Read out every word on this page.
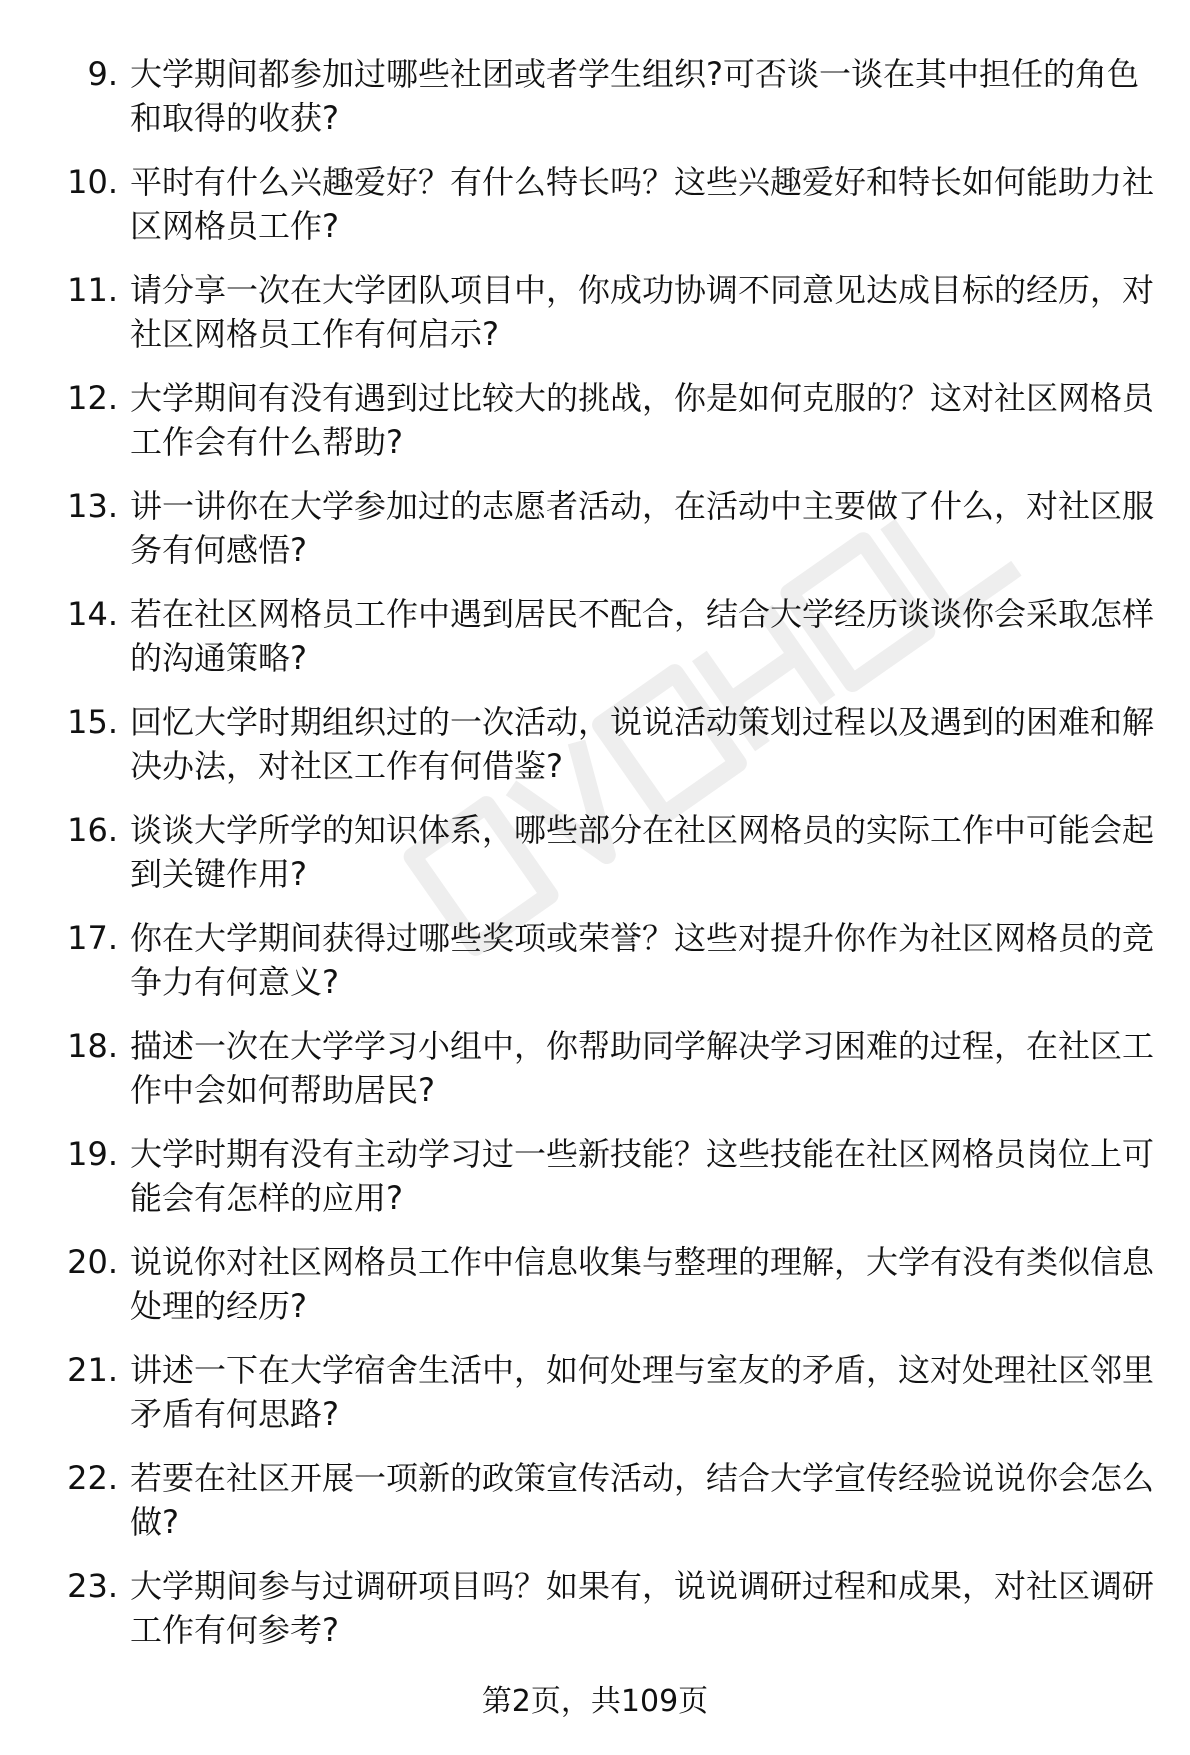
9. 大学期间都参加过哪些社团或者学生组织?可否谈一谈在其中担任的角色和取得的收获?
10. 平时有什么兴趣爱好？有什么特长吗？这些兴趣爱好和特长如何能助力社区网格员工作?
11. 请分享一次在大学团队项目中，你成功协调不同意见达成目标的经历，对社区网格员工作有何启示?
12. 大学期间有没有遇到过比较大的挑战，你是如何克服的？这对社区网格员工作会有什么帮助?
13. 讲一讲你在大学参加过的志愿者活动，在活动中主要做了什么，对社区服务有何感悟?
14. 若在社区网格员工作中遇到居民不配合，结合大学经历谈谈你会采取怎样的沟通策略?
15. 回忆大学时期组织过的一次活动，说说活动策划过程以及遇到的困难和解决办法，对社区工作有何借鉴?
16. 谈谈大学所学的知识体系，哪些部分在社区网格员的实际工作中可能会起到关键作用?
17. 你在大学期间获得过哪些奖项或荣誉？这些对提升你作为社区网格员的竞争力有何意义?
18. 描述一次在大学学习小组中，你帮助同学解决学习困难的过程，在社区工作中会如何帮助居民?
19. 大学时期有没有主动学习过一些新技能？这些技能在社区网格员岗位上可能会有怎样的应用?
20. 说说你对社区网格员工作中信息收集与整理的理解，大学有没有类似信息处理的经历?
21. 讲述一下在大学宿舍生活中，如何处理与室友的矛盾，这对处理社区邻里矛盾有何思路?
22. 若要在社区开展一项新的政策宣传活动，结合大学宣传经验说说你会怎么做?
23. 大学期间参与过调研项目吗？如果有，说说调研过程和成果，对社区调研工作有何参考?
第2页，共109页
